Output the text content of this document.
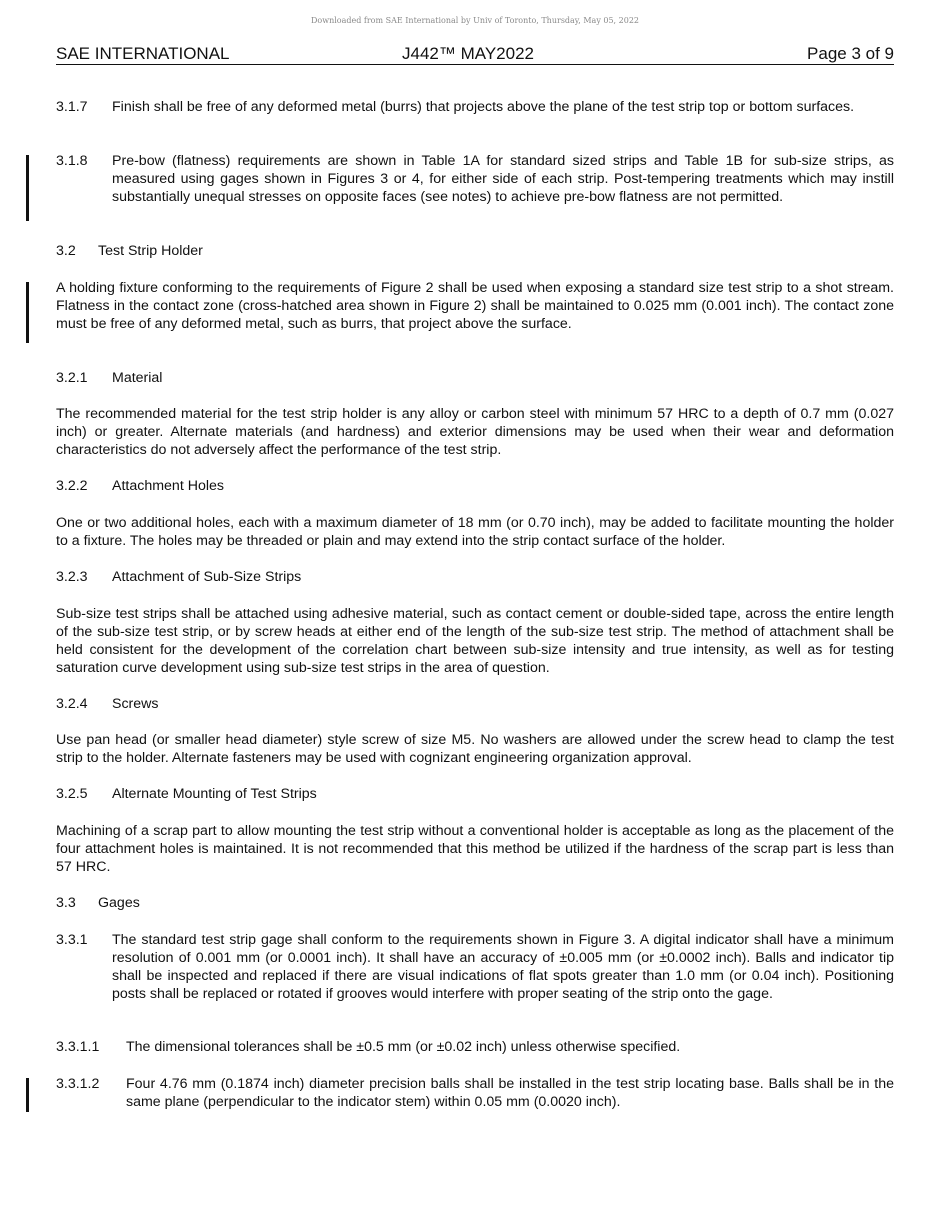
Downloaded from SAE International by Univ of Toronto, Thursday, May 05, 2022
SAE INTERNATIONAL	J442™ MAY2022	Page 3 of 9
3.1.7 Finish shall be free of any deformed metal (burrs) that projects above the plane of the test strip top or bottom surfaces.
3.1.8 Pre-bow (flatness) requirements are shown in Table 1A for standard sized strips and Table 1B for sub-size strips, as measured using gages shown in Figures 3 or 4, for either side of each strip. Post-tempering treatments which may instill substantially unequal stresses on opposite faces (see notes) to achieve pre-bow flatness are not permitted.
3.2 Test Strip Holder
A holding fixture conforming to the requirements of Figure 2 shall be used when exposing a standard size test strip to a shot stream. Flatness in the contact zone (cross-hatched area shown in Figure 2) shall be maintained to 0.025 mm (0.001 inch). The contact zone must be free of any deformed metal, such as burrs, that project above the surface.
3.2.1 Material
The recommended material for the test strip holder is any alloy or carbon steel with minimum 57 HRC to a depth of 0.7 mm (0.027 inch) or greater. Alternate materials (and hardness) and exterior dimensions may be used when their wear and deformation characteristics do not adversely affect the performance of the test strip.
3.2.2 Attachment Holes
One or two additional holes, each with a maximum diameter of 18 mm (or 0.70 inch), may be added to facilitate mounting the holder to a fixture. The holes may be threaded or plain and may extend into the strip contact surface of the holder.
3.2.3 Attachment of Sub-Size Strips
Sub-size test strips shall be attached using adhesive material, such as contact cement or double-sided tape, across the entire length of the sub-size test strip, or by screw heads at either end of the length of the sub-size test strip. The method of attachment shall be held consistent for the development of the correlation chart between sub-size intensity and true intensity, as well as for testing saturation curve development using sub-size test strips in the area of question.
3.2.4 Screws
Use pan head (or smaller head diameter) style screw of size M5. No washers are allowed under the screw head to clamp the test strip to the holder. Alternate fasteners may be used with cognizant engineering organization approval.
3.2.5 Alternate Mounting of Test Strips
Machining of a scrap part to allow mounting the test strip without a conventional holder is acceptable as long as the placement of the four attachment holes is maintained. It is not recommended that this method be utilized if the hardness of the scrap part is less than 57 HRC.
3.3 Gages
3.3.1 The standard test strip gage shall conform to the requirements shown in Figure 3. A digital indicator shall have a minimum resolution of 0.001 mm (or 0.0001 inch). It shall have an accuracy of ±0.005 mm (or ±0.0002 inch). Balls and indicator tip shall be inspected and replaced if there are visual indications of flat spots greater than 1.0 mm (or 0.04 inch). Positioning posts shall be replaced or rotated if grooves would interfere with proper seating of the strip onto the gage.
3.3.1.1 The dimensional tolerances shall be ±0.5 mm (or ±0.02 inch) unless otherwise specified.
3.3.1.2 Four 4.76 mm (0.1874 inch) diameter precision balls shall be installed in the test strip locating base. Balls shall be in the same plane (perpendicular to the indicator stem) within 0.05 mm (0.0020 inch).
